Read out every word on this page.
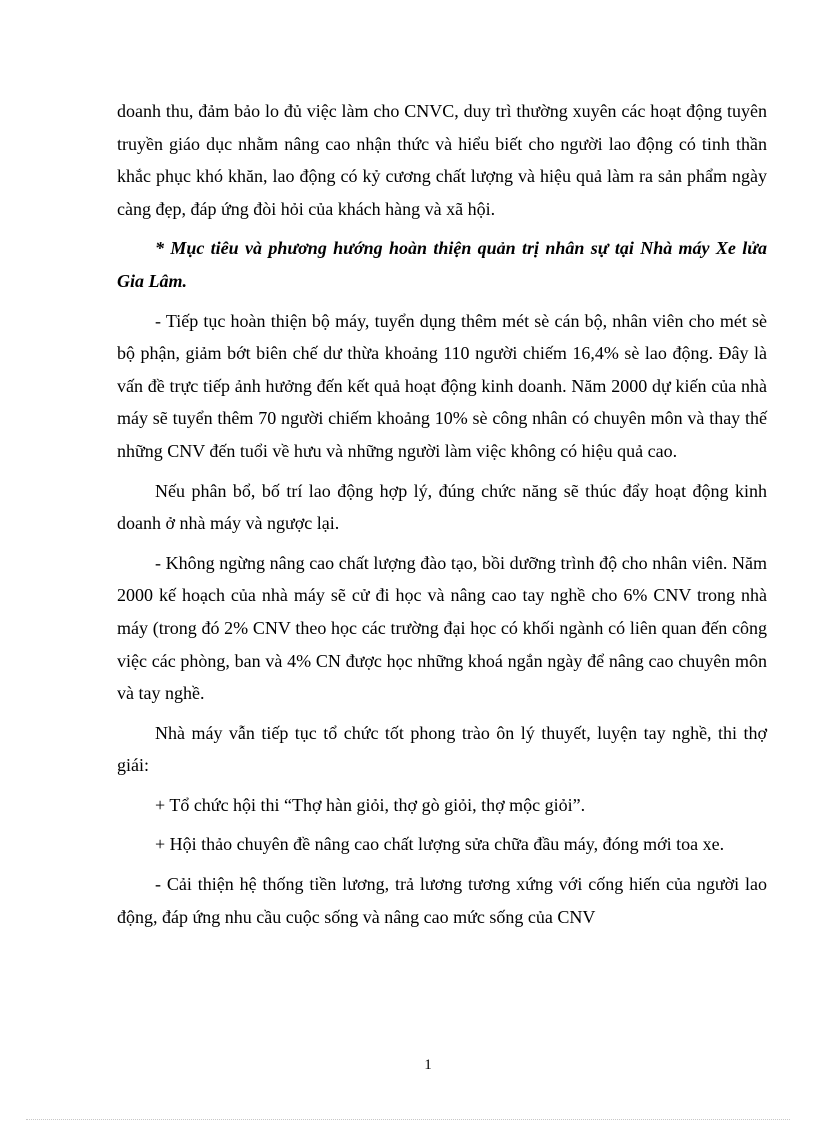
doanh thu, đảm bảo lo đủ việc làm cho CNVC, duy trì thường xuyên các hoạt động tuyên truyền giáo dục nhằm nâng cao nhận thức và hiểu biết cho người lao động có tinh thần khắc phục khó khăn, lao động có kỷ cương chất lượng và hiệu quả làm ra sản phẩm ngày càng đẹp, đáp ứng đòi hỏi của khách hàng và xã hội.

* Mục tiêu và phương hướng hoàn thiện quản trị nhân sự tại Nhà máy Xe lửa Gia Lâm.

- Tiếp tục hoàn thiện bộ máy, tuyển dụng thêm mét sè cán bộ, nhân viên cho mét sè bộ phận, giảm bớt biên chế dư thừa khoảng 110 người chiếm 16,4% sè lao động. Đây là vấn đề trực tiếp ảnh hưởng đến kết quả hoạt động kinh doanh. Năm 2000 dự kiến của nhà máy sẽ tuyển thêm 70 người chiếm khoảng 10% sè công nhân có chuyên môn và thay thế những CNV đến tuổi về hưu và những người làm việc không có hiệu quả cao.

Nếu phân bổ, bố trí lao động hợp lý, đúng chức năng sẽ thúc đẩy hoạt động kinh doanh ở nhà máy và ngược lại.

- Không ngừng nâng cao chất lượng đào tạo, bồi dưỡng trình độ cho nhân viên. Năm 2000 kế hoạch của nhà máy sẽ cử đi học và nâng cao tay nghề cho 6% CNV trong nhà máy (trong đó 2% CNV theo học các trường đại học có khối ngành có liên quan đến công việc các phòng, ban và 4% CN được học những khoá ngắn ngày để nâng cao chuyên môn và tay nghề.

Nhà máy vẫn tiếp tục tổ chức tốt phong trào ôn lý thuyết, luyện tay nghề, thi thợ giái:

+ Tổ chức hội thi “Thợ hàn giỏi, thợ gò giỏi, thợ mộc giỏi”.

+ Hội thảo chuyên đề nâng cao chất lượng sửa chữa đầu máy, đóng mới toa xe.

- Cải thiện hệ thống tiền lương, trả lương tương xứng với cống hiến của người lao động, đáp ứng nhu cầu cuộc sống và nâng cao mức sống của CNV

1
